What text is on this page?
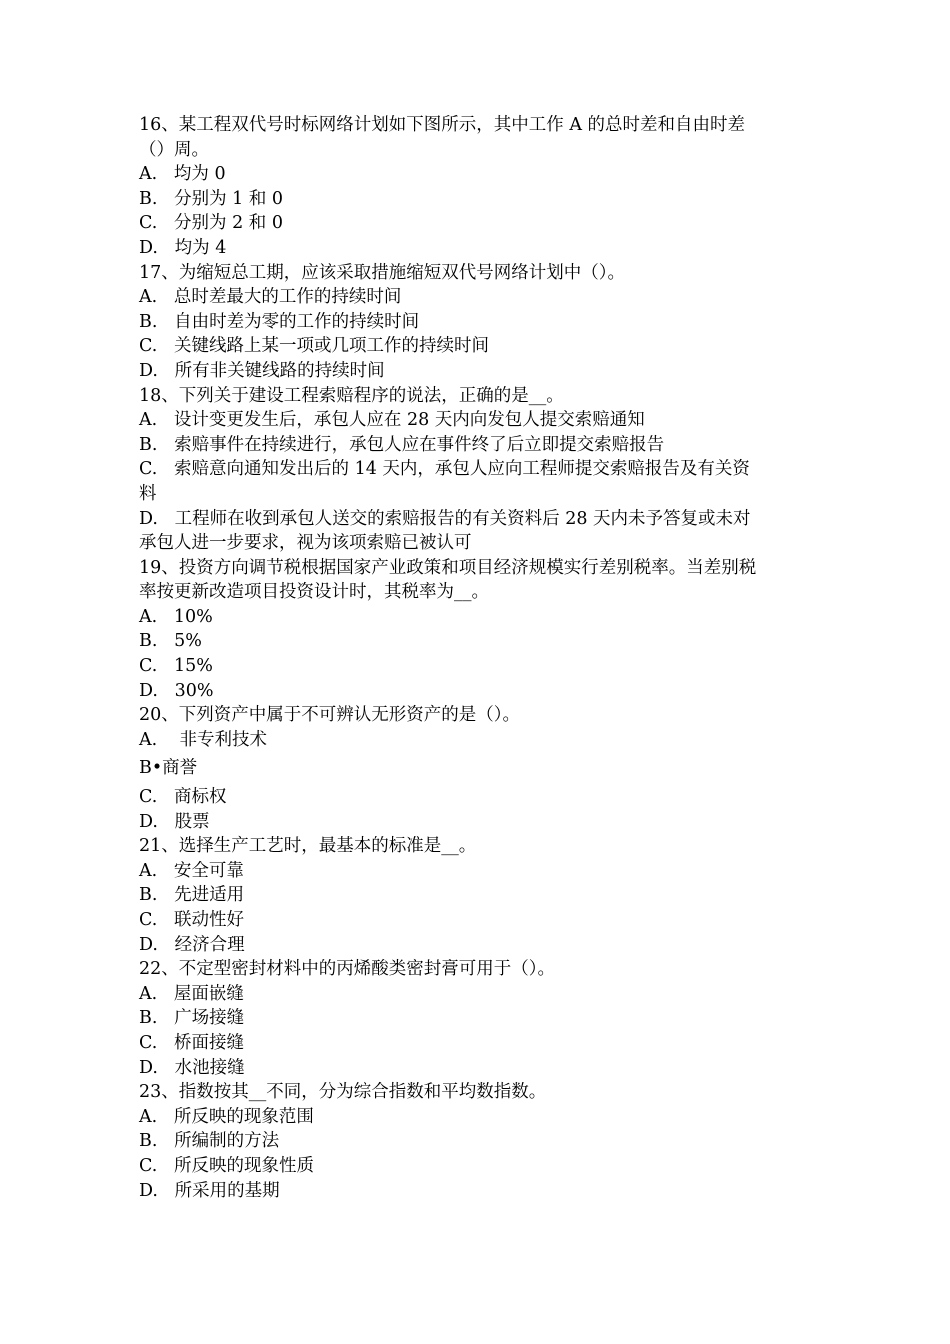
16、某工程双代号时标网络计划如下图所示，其中工作 A 的总时差和自由时差

（）周。

A.   均为 0

B.   分别为 1 和 0

C.   分别为 2 和 0

D.   均为 4

17、为缩短总工期，应该采取措施缩短双代号网络计划中（）。

A.   总时差最大的工作的持续时间

B.   自由时差为零的工作的持续时间

C.   关键线路上某一项或几项工作的持续时间

D.   所有非关键线路的持续时间

18、下列关于建设工程索赔程序的说法，正确的是__。

A.   设计变更发生后，承包人应在 28 天内向发包人提交索赔通知

B.   索赔事件在持续进行，承包人应在事件终了后立即提交索赔报告

C.   索赔意向通知发出后的 14 天内，承包人应向工程师提交索赔报告及有关资

料

D.   工程师在收到承包人送交的索赔报告的有关资料后 28 天内未予答复或未对

承包人进一步要求，视为该项索赔已被认可

19、投资方向调节税根据国家产业政策和项目经济规模实行差别税率。当差别税

率按更新改造项目投资设计时，其税率为__。

A.   10%

B.   5%

C.   15%

D.   30%

20、下列资产中属于不可辨认无形资产的是（）。

A.    非专利技术

B•商誉

C.   商标权

D.   股票

21、选择生产工艺时，最基本的标准是__。

A.   安全可靠

B.   先进适用

C.   联动性好

D.   经济合理

22、不定型密封材料中的丙烯酸类密封膏可用于（）。

A.   屋面嵌缝

B.   广场接缝

C.   桥面接缝

D.   水池接缝

23、指数按其__不同，分为综合指数和平均数指数。

A.   所反映的现象范围

B.   所编制的方法

C.   所反映的现象性质

D.   所采用的基期
